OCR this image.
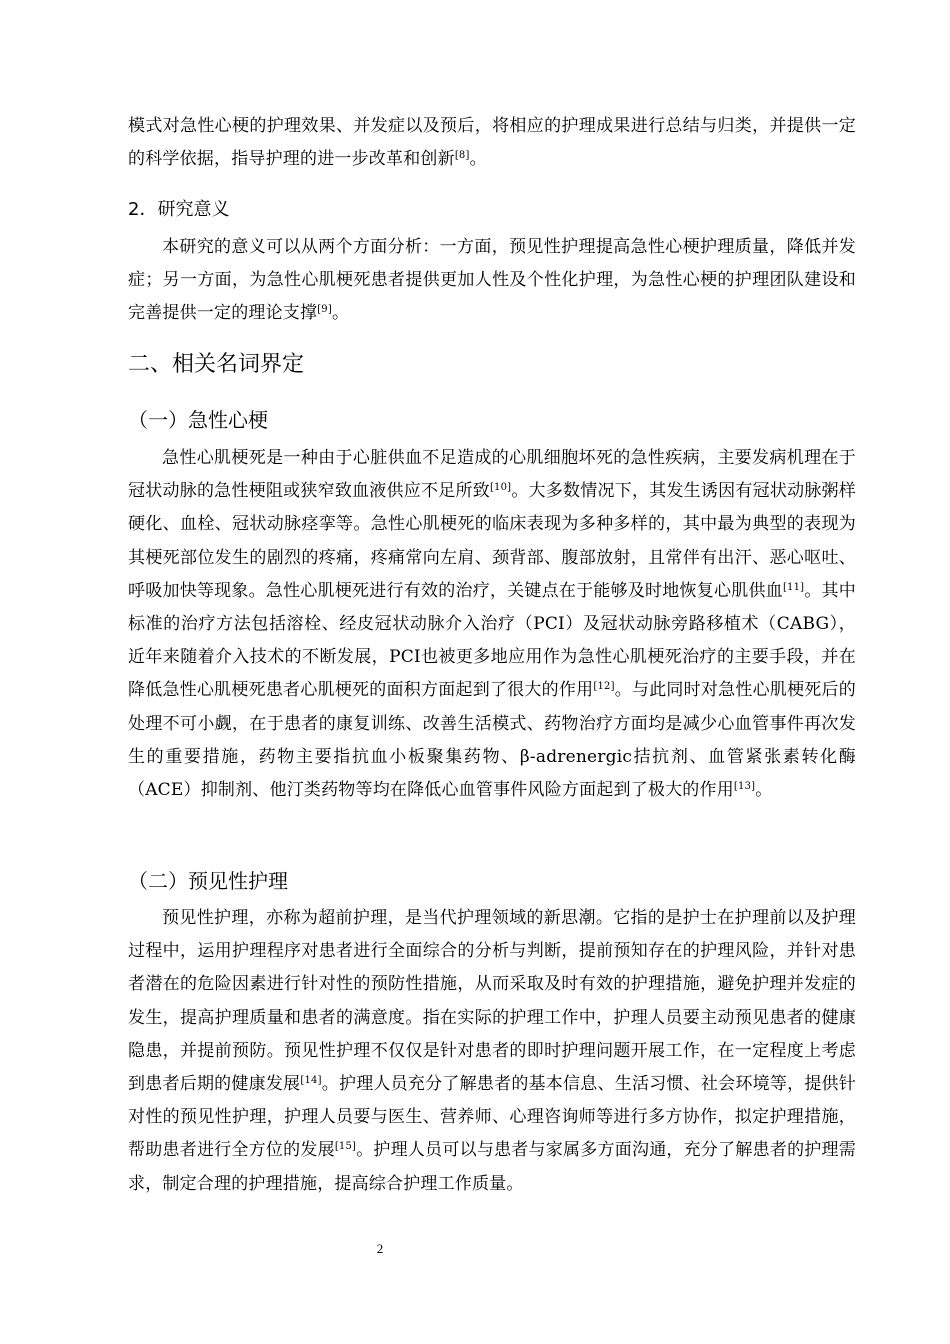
模式对急性心梗的护理效果、并发症以及预后，将相应的护理成果进行总结与归类，并提供一定的科学依据，指导护理的进一步改革和创新[8]。

2．研究意义

本研究的意义可以从两个方面分析：一方面，预见性护理提高急性心梗护理质量，降低并发症；另一方面，为急性心肌梗死患者提供更加人性及个性化护理，为急性心梗的护理团队建设和完善提供一定的理论支撑[9]。

二、相关名词界定
（一）急性心梗

急性心肌梗死是一种由于心脏供血不足造成的心肌细胞坏死的急性疾病，主要发病机理在于冠状动脉的急性梗阻或狭窄致血液供应不足所致[10]。大多数情况下，其发生诱因有冠状动脉粥样硬化、血栓、冠状动脉痉挛等。急性心肌梗死的临床表现为多种多样的，其中最为典型的表现为其梗死部位发生的剧烈的疼痛，疼痛常向左肩、颈背部、腹部放射，且常伴有出汗、恶心呕吐、呼吸加快等现象。急性心肌梗死进行有效的治疗，关键点在于能够及时地恢复心肌供血[11]。其中标准的治疗方法包括溶栓、经皮冠状动脉介入治疗（PCI）及冠状动脉旁路移植术（CABG），近年来随着介入技术的不断发展，PCI也被更多地应用作为急性心肌梗死治疗的主要手段，并在降低急性心肌梗死患者心肌梗死的面积方面起到了很大的作用[12]。与此同时对急性心肌梗死后的处理不可小觑，在于患者的康复训练、改善生活模式、药物治疗方面均是减少心血管事件再次发生的重要措施，药物主要指抗血小板聚集药物、β-adrenergic拮抗剂、血管紧张素转化酶（ACE）抑制剂、他汀类药物等均在降低心血管事件风险方面起到了极大的作用[13]。

（二）预见性护理

预见性护理，亦称为超前护理，是当代护理领域的新思潮。它指的是护士在护理前以及护理过程中，运用护理程序对患者进行全面综合的分析与判断，提前预知存在的护理风险，并针对患者潜在的危险因素进行针对性的预防性措施，从而采取及时有效的护理措施，避免护理并发症的发生，提高护理质量和患者的满意度。指在实际的护理工作中，护理人员要主动预见患者的健康隐患，并提前预防。预见性护理不仅仅是针对患者的即时护理问题开展工作，在一定程度上考虑到患者后期的健康发展[14]。护理人员充分了解患者的基本信息、生活习惯、社会环境等，提供针对性的预见性护理，护理人员要与医生、营养师、心理咨询师等进行多方协作，拟定护理措施，帮助患者进行全方位的发展[15]。护理人员可以与患者与家属多方面沟通，充分了解患者的护理需求，制定合理的护理措施，提高综合护理工作质量。

2
